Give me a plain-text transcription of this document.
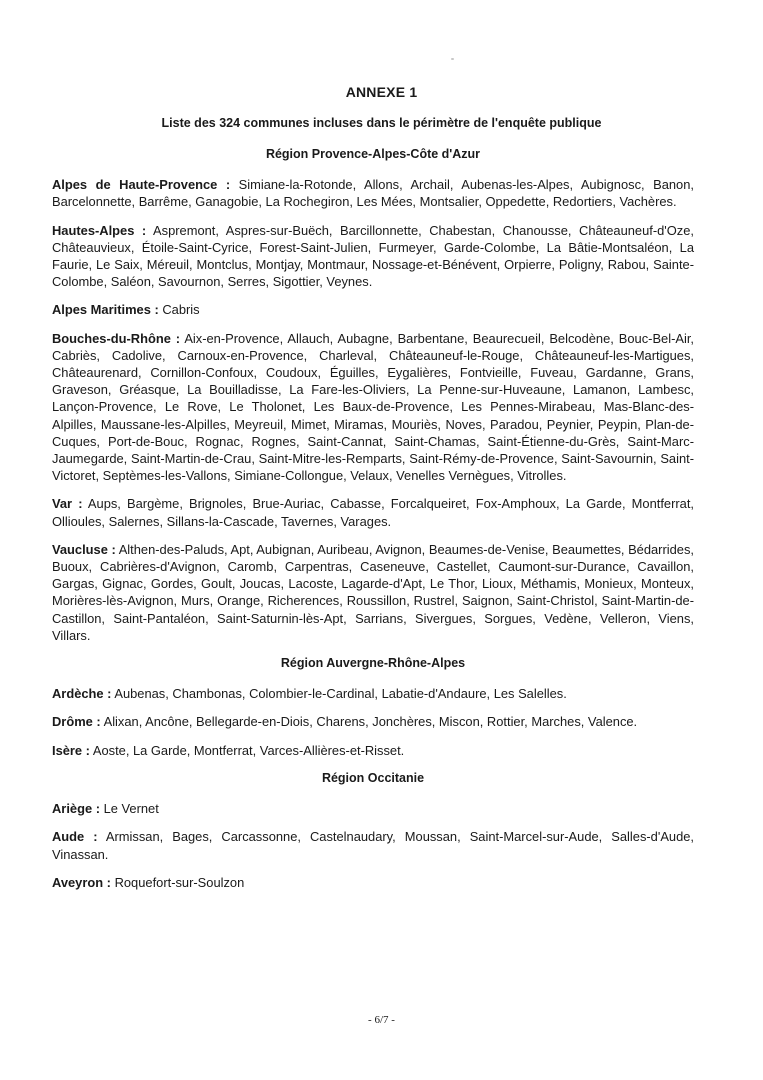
ANNEXE 1
Liste des 324 communes incluses dans le périmètre de l'enquête publique
Région Provence-Alpes-Côte d'Azur

Alpes de Haute-Provence : Simiane-la-Rotonde, Allons, Archail, Aubenas-les-Alpes, Aubignosc, Banon, Barcelonnette, Barrême, Ganagobie, La Rochegiron, Les Mées, Montsalier, Oppedette, Redortiers, Vachères.

Hautes-Alpes : Aspremont, Aspres-sur-Buëch, Barcillonnette, Chabestan, Chanousse, Châteauneuf-d'Oze, Châteauvieux, Étoile-Saint-Cyrice, Forest-Saint-Julien, Furmeyer, Garde-Colombe, La Bâtie-Montsaléon, La Faurie, Le Saix, Méreuil, Montclus, Montjay, Montmaur, Nossage-et-Bénévent, Orpierre, Poligny, Rabou, Sainte-Colombe, Saléon, Savournon, Serres, Sigottier, Veynes.

Alpes Maritimes : Cabris

Bouches-du-Rhône : Aix-en-Provence, Allauch, Aubagne, Barbentane, Beaurecueil, Belcodène, Bouc-Bel-Air, Cabriès, Cadolive, Carnoux-en-Provence, Charleval, Châteauneuf-le-Rouge, Châteauneuf-les-Martigues, Châteaurenard, Cornillon-Confoux, Coudoux, Éguilles, Eygalières, Fontvieille, Fuveau, Gardanne, Grans, Graveson, Gréasque, La Bouilladisse, La Fare-les-Oliviers, La Penne-sur-Huveaune, Lamanon, Lambesc, Lançon-Provence, Le Rove, Le Tholonet, Les Baux-de-Provence, Les Pennes-Mirabeau, Mas-Blanc-des-Alpilles, Maussane-les-Alpilles, Meyreuil, Mimet, Miramas, Mouriès, Noves, Paradou, Peynier, Peypin, Plan-de-Cuques, Port-de-Bouc, Rognac, Rognes, Saint-Cannat, Saint-Chamas, Saint-Étienne-du-Grès, Saint-Marc-Jaumegarde, Saint-Martin-de-Crau, Saint-Mitre-les-Remparts, Saint-Rémy-de-Provence, Saint-Savournin, Saint-Victoret, Septèmes-les-Vallons, Simiane-Collongue, Velaux, Venelles Vernègues, Vitrolles.

Var : Aups, Bargème, Brignoles, Brue-Auriac, Cabasse, Forcalqueiret, Fox-Amphoux, La Garde, Montferrat, Ollioules, Salernes, Sillans-la-Cascade, Tavernes, Varages.

Vaucluse : Althen-des-Paluds, Apt, Aubignan, Auribeau, Avignon, Beaumes-de-Venise, Beaumettes, Bédarrides, Buoux, Cabrières-d'Avignon, Caromb, Carpentras, Caseneuve, Castellet, Caumont-sur-Durance, Cavaillon, Gargas, Gignac, Gordes, Goult, Joucas, Lacoste, Lagarde-d'Apt, Le Thor, Lioux, Méthamis, Monieux, Monteux, Morières-lès-Avignon, Murs, Orange, Richerences, Roussillon, Rustrel, Saignon, Saint-Christol, Saint-Martin-de-Castillon, Saint-Pantaléon, Saint-Saturnin-lès-Apt, Sarrians, Sivergues, Sorgues, Vedène, Velleron, Viens, Villars.

Région Auvergne-Rhône-Alpes

Ardèche : Aubenas, Chambonas, Colombier-le-Cardinal, Labatie-d'Andaure, Les Salelles.

Drôme : Alixan, Ancône, Bellegarde-en-Diois, Charens, Jonchères, Miscon, Rottier, Marches, Valence.

Isère : Aoste, La Garde, Montferrat, Varces-Allières-et-Risset.

Région Occitanie

Ariège : Le Vernet

Aude : Armissan, Bages, Carcassonne, Castelnaudary, Moussan, Saint-Marcel-sur-Aude, Salles-d'Aude, Vinassan.

Aveyron : Roquefort-sur-Soulzon

- 6/7 -
